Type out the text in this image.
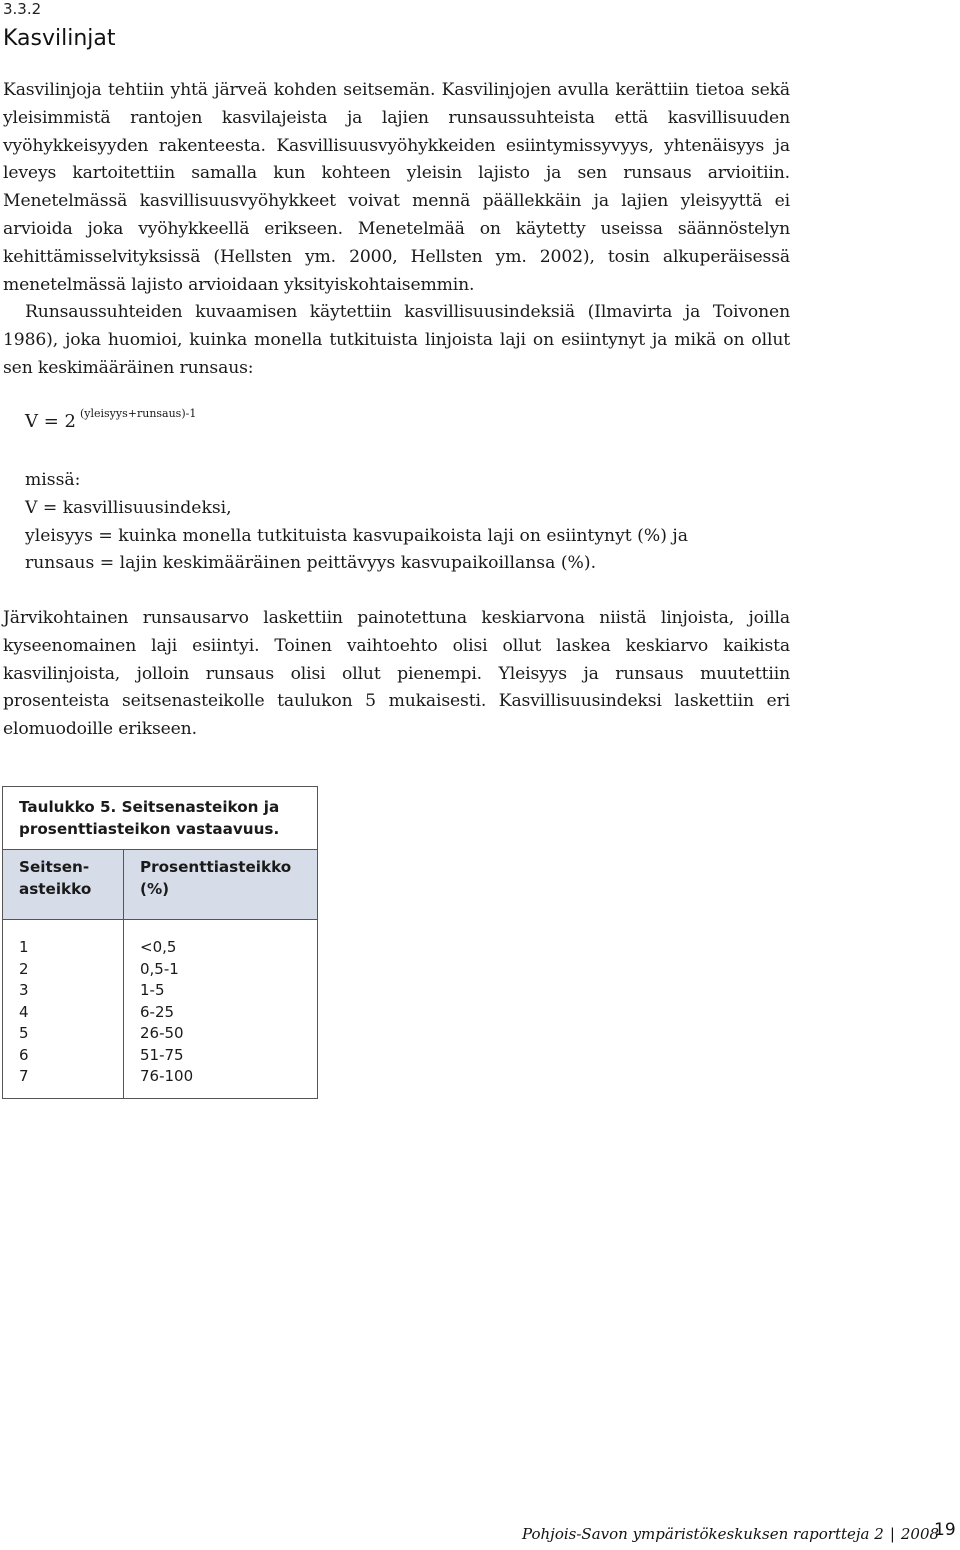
3.3.2
Kasvilinjat

Kasvilinjoja tehtiin yhtä järveä kohden seitsemän. Kasvilinjojen avulla kerättiin tietoa sekä yleisimmistä rantojen kasvilajeista ja lajien runsaussuhteista että kasvillisuuden vyöhykkeisyyden rakenteesta. Kasvillisuusvyöhykkeiden esiintymissyvyys, yhtenäisyys ja leveys kartoitettiin samalla kun kohteen yleisin lajisto ja sen runsaus arvioitiin. Menetelmässä kasvillisuusvyöhykkeet voivat mennä päällekkäin ja lajien yleisyyttä ei arvioida joka vyöhykkeellä erikseen. Menetelmää on käytetty useissa säännöstelyn kehittämisselvityksissä (Hellsten ym. 2000, Hellsten ym. 2002), tosin alkuperäisessä menetelmässä lajisto arvioidaan yksityiskohtaisemmin.

Runsaussuhteiden kuvaamisen käytettiin kasvillisuusindeksiä (Ilmavirta ja Toivonen 1986), joka huomioi, kuinka monella tutkituista linjoista laji on esiintynyt ja mikä on ollut sen keskimääräinen runsaus:

V = 2 $^{(yleisyys+runsaus)-1}$
missä:
V = kasvillisuusindeksi,
yleisyys = kuinka monella tutkituista kasvupaikoista laji on esiintynyt (%) ja
runsaus = lajin keskimääräinen peittävyys kasvupaikoillansa (%).

Järvikohtainen runsausarvo laskettiin painotettuna keskiarvona niistä linjoista, joilla kyseenomainen laji esiintyi. Toinen vaihtoehto olisi ollut laskea keskiarvo kaikista kasvilinjoista, jolloin runsaus olisi ollut pienempi. Yleisyys ja runsaus muutettiin prosenteista seitsenasteikolle taulukon 5 mukaisesti. Kasvillisuusindeksi laskettiin eri elomuodoille erikseen.

Taulukko 5. Seitsenasteikon ja prosenttiasteikon vastaavuus.
Seitsen-asteikko
Prosenttiasteikko (%)
1	<0,5
2	0,5-1
3	1-5
4	6-25
5	26-50
6	51-75
7	76-100
Pohjois-Savon ympäristökeskuksen raportteja 2 | 2008
19
